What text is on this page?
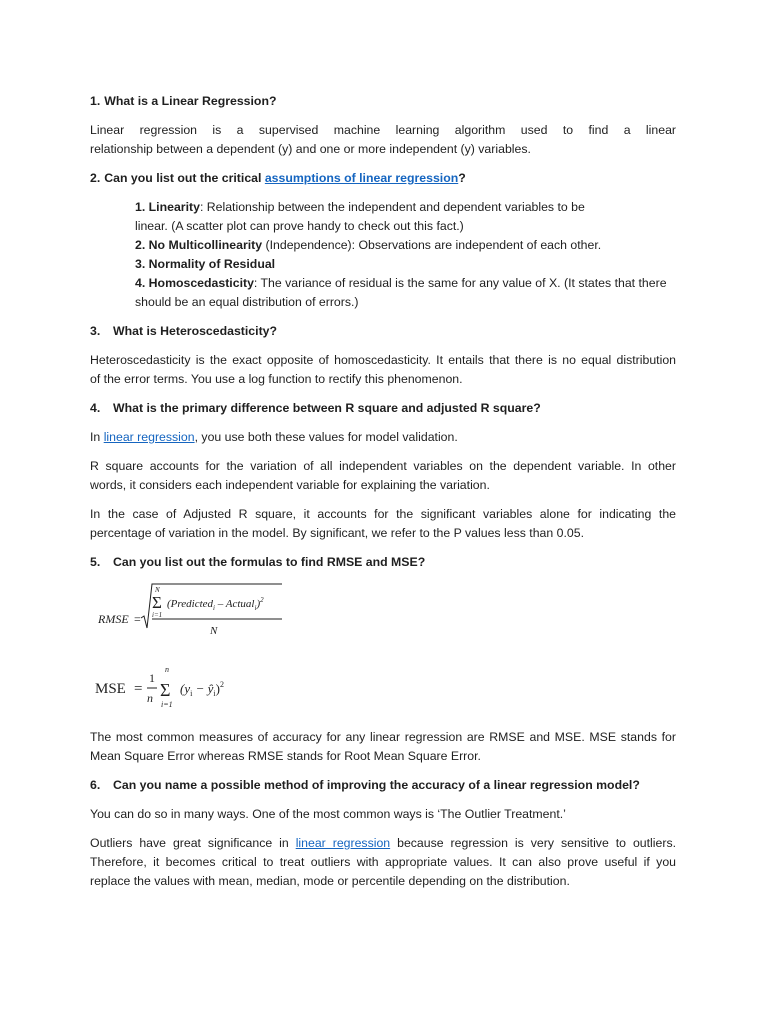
1. What is a Linear Regression?

Linear regression is a supervised machine learning algorithm used to find a linear
relationship between a dependent (y) and one or more independent (y) variables.

2. Can you list out the critical assumptions of linear regression?

1. Linearity: Relationship between the independent and dependent variables to be
linear. (A scatter plot can prove handy to check out this fact.)
2. No Multicollinearity (Independence): Observations are independent of each other.
3. Normality of Residual
4. Homoscedasticity: The variance of residual is the same for any value of X. (It states that there
should be an equal distribution of errors.)

3. What is Heteroscedasticity?

Heteroscedasticity is the exact opposite of homoscedasticity. It entails that there is no equal distribution
of the error terms. You use a log function to rectify this phenomenon.

4. What is the primary difference between R square and adjusted R square?

In linear regression, you use both these values for model validation.

R square accounts for the variation of all independent variables on the dependent variable. In other
words, it considers each independent variable for explaining the variation.
In the case of Adjusted R square, it accounts for the significant variables alone for indicating the
percentage of variation in the model. By significant, we refer to the P values less than 0.05.

5. Can you list out the formulas to find RMSE and MSE?

RMSE =
N
Σ
i=1
(Predicted$_i$ – Actual$_i$)$^2$
N
MSE =
1
n
n
Σ
i=1
($y_i$ − $ŷ_i)^2$
The most common measures of accuracy for any linear regression are RMSE and MSE. MSE stands for
Mean Square Error whereas RMSE stands for Root Mean Square Error.

6. Can you name a possible method of improving the accuracy of a linear regression model?

You can do so in many ways. One of the most common ways is ‘The Outlier Treatment.’

Outliers have great significance in linear regression because regression is very sensitive to outliers.
Therefore, it becomes critical to treat outliers with appropriate values. It can also prove useful if you
replace the values with mean, median, mode or percentile depending on the distribution.
